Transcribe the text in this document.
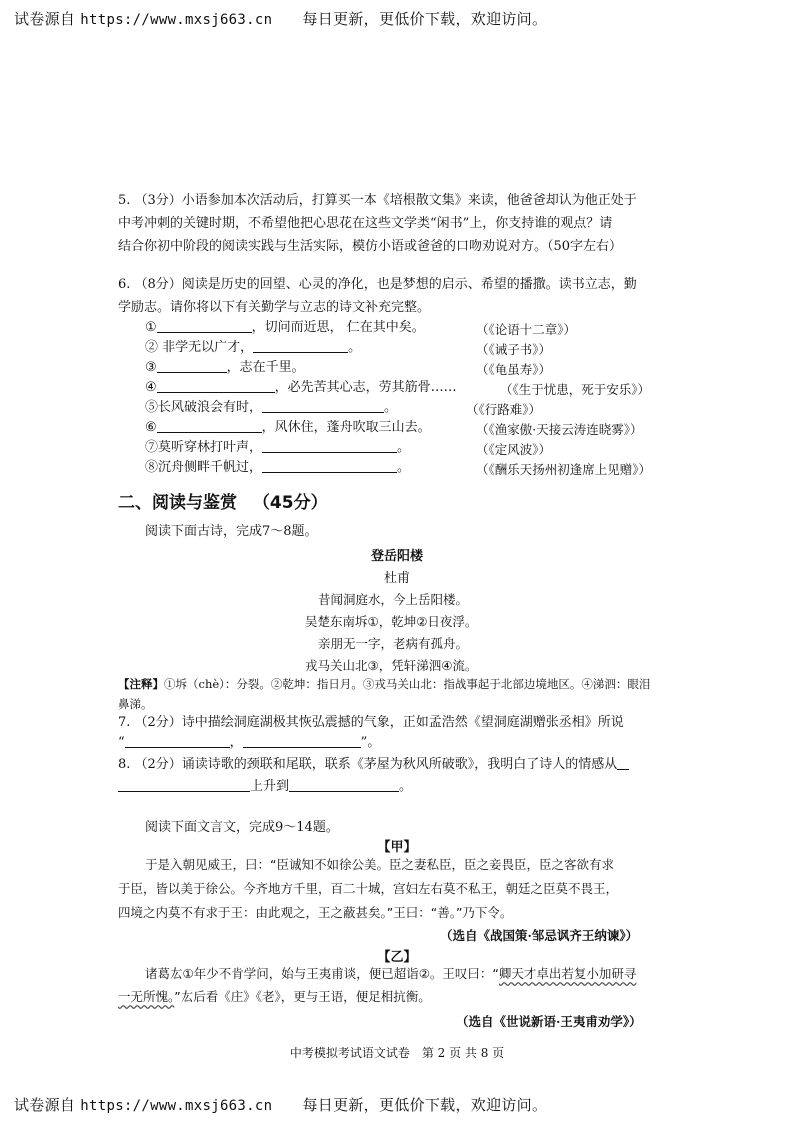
试卷源自 https://www.mxsj663.cn 每日更新，更低价下载，欢迎访问。
5. （3分）小语参加本次活动后，打算买一本《培根散文集》来读，他爸爸却认为他正处于
中考冲刺的关键时期，不希望他把心思花在这些文学类“闲书”上，你支持谁的观点？请
结合你初中阶段的阅读实践与生活实际，模仿小语或爸爸的口吻劝说对方。（50字左右）
6. （8分）阅读是历史的回望、心灵的净化，也是梦想的启示、希望的播撒。读书立志，勤
学励志。请你将以下有关勤学与立志的诗文补充完整。
①	，切问而近思， 仁在其中矣。	（《论语十二章》）
② 非学无以广才，	。	（《诫子书》）
③	，志在千里。	（《龟虽寿》）
④	，必先苦其心志，劳其筋骨……	（《生于忧患，死于安乐》）
⑤长风破浪会有时，	。	（《行路难》）
⑥	，风休住，蓬舟吹取三山去。	（《渔家傲·天接云涛连晓雾》）
⑦莫听穿林打叶声，	。	（《定风波》）
⑧沉舟侧畔千帆过，	。	（《酬乐天扬州初逢席上见赠》）
二、阅读与鉴赏 （45分）
阅读下面古诗，完成7～8题。
登岳阳楼
杜甫
昔闻洞庭水，今上岳阳楼。
吴楚东南坼①，乾坤②日夜浮。
亲朋无一字，老病有孤舟。
戎马关山北③，凭轩涕泗④流。
【注释】①坼（chè）：分裂。②乾坤：指日月。③戎马关山北：指战事起于北部边境地区。④涕泗：眼泪
鼻涕。
7. （2分）诗中描绘洞庭湖极其恢弘震撼的气象，正如孟浩然《望洞庭湖赠张丞相》所说
“	，	”。
8. （2分）诵读诗歌的颈联和尾联，联系《茅屋为秋风所破歌》，我明白了诗人的情感从
上升到	。
阅读下面文言文，完成9～14题。
【甲】
于是入朝见威王，曰：“臣诚知不如徐公美。臣之妻私臣，臣之妾畏臣，臣之客欲有求
于臣，皆以美于徐公。今齐地方千里，百二十城，宫妇左右莫不私王，朝廷之臣莫不畏王，
四境之内莫不有求于王：由此观之，王之蔽甚矣。”王曰：“善。”乃下令。
（选自《战国策·邹忌讽齐王纳谏》）
【乙】
诸葛厷①年少不肯学问，始与王夷甫谈，便已超诣②。王叹曰：“卿天才卓出若复小加研寻
一无所愧。”厷后看《庄》《老》，更与王语，便足相抗衡。
（选自《世说新语·王夷甫劝学》）
中考模拟考试语文试卷　第 2 页 共 8 页
试卷源自 https://www.mxsj663.cn 每日更新，更低价下载，欢迎访问。
